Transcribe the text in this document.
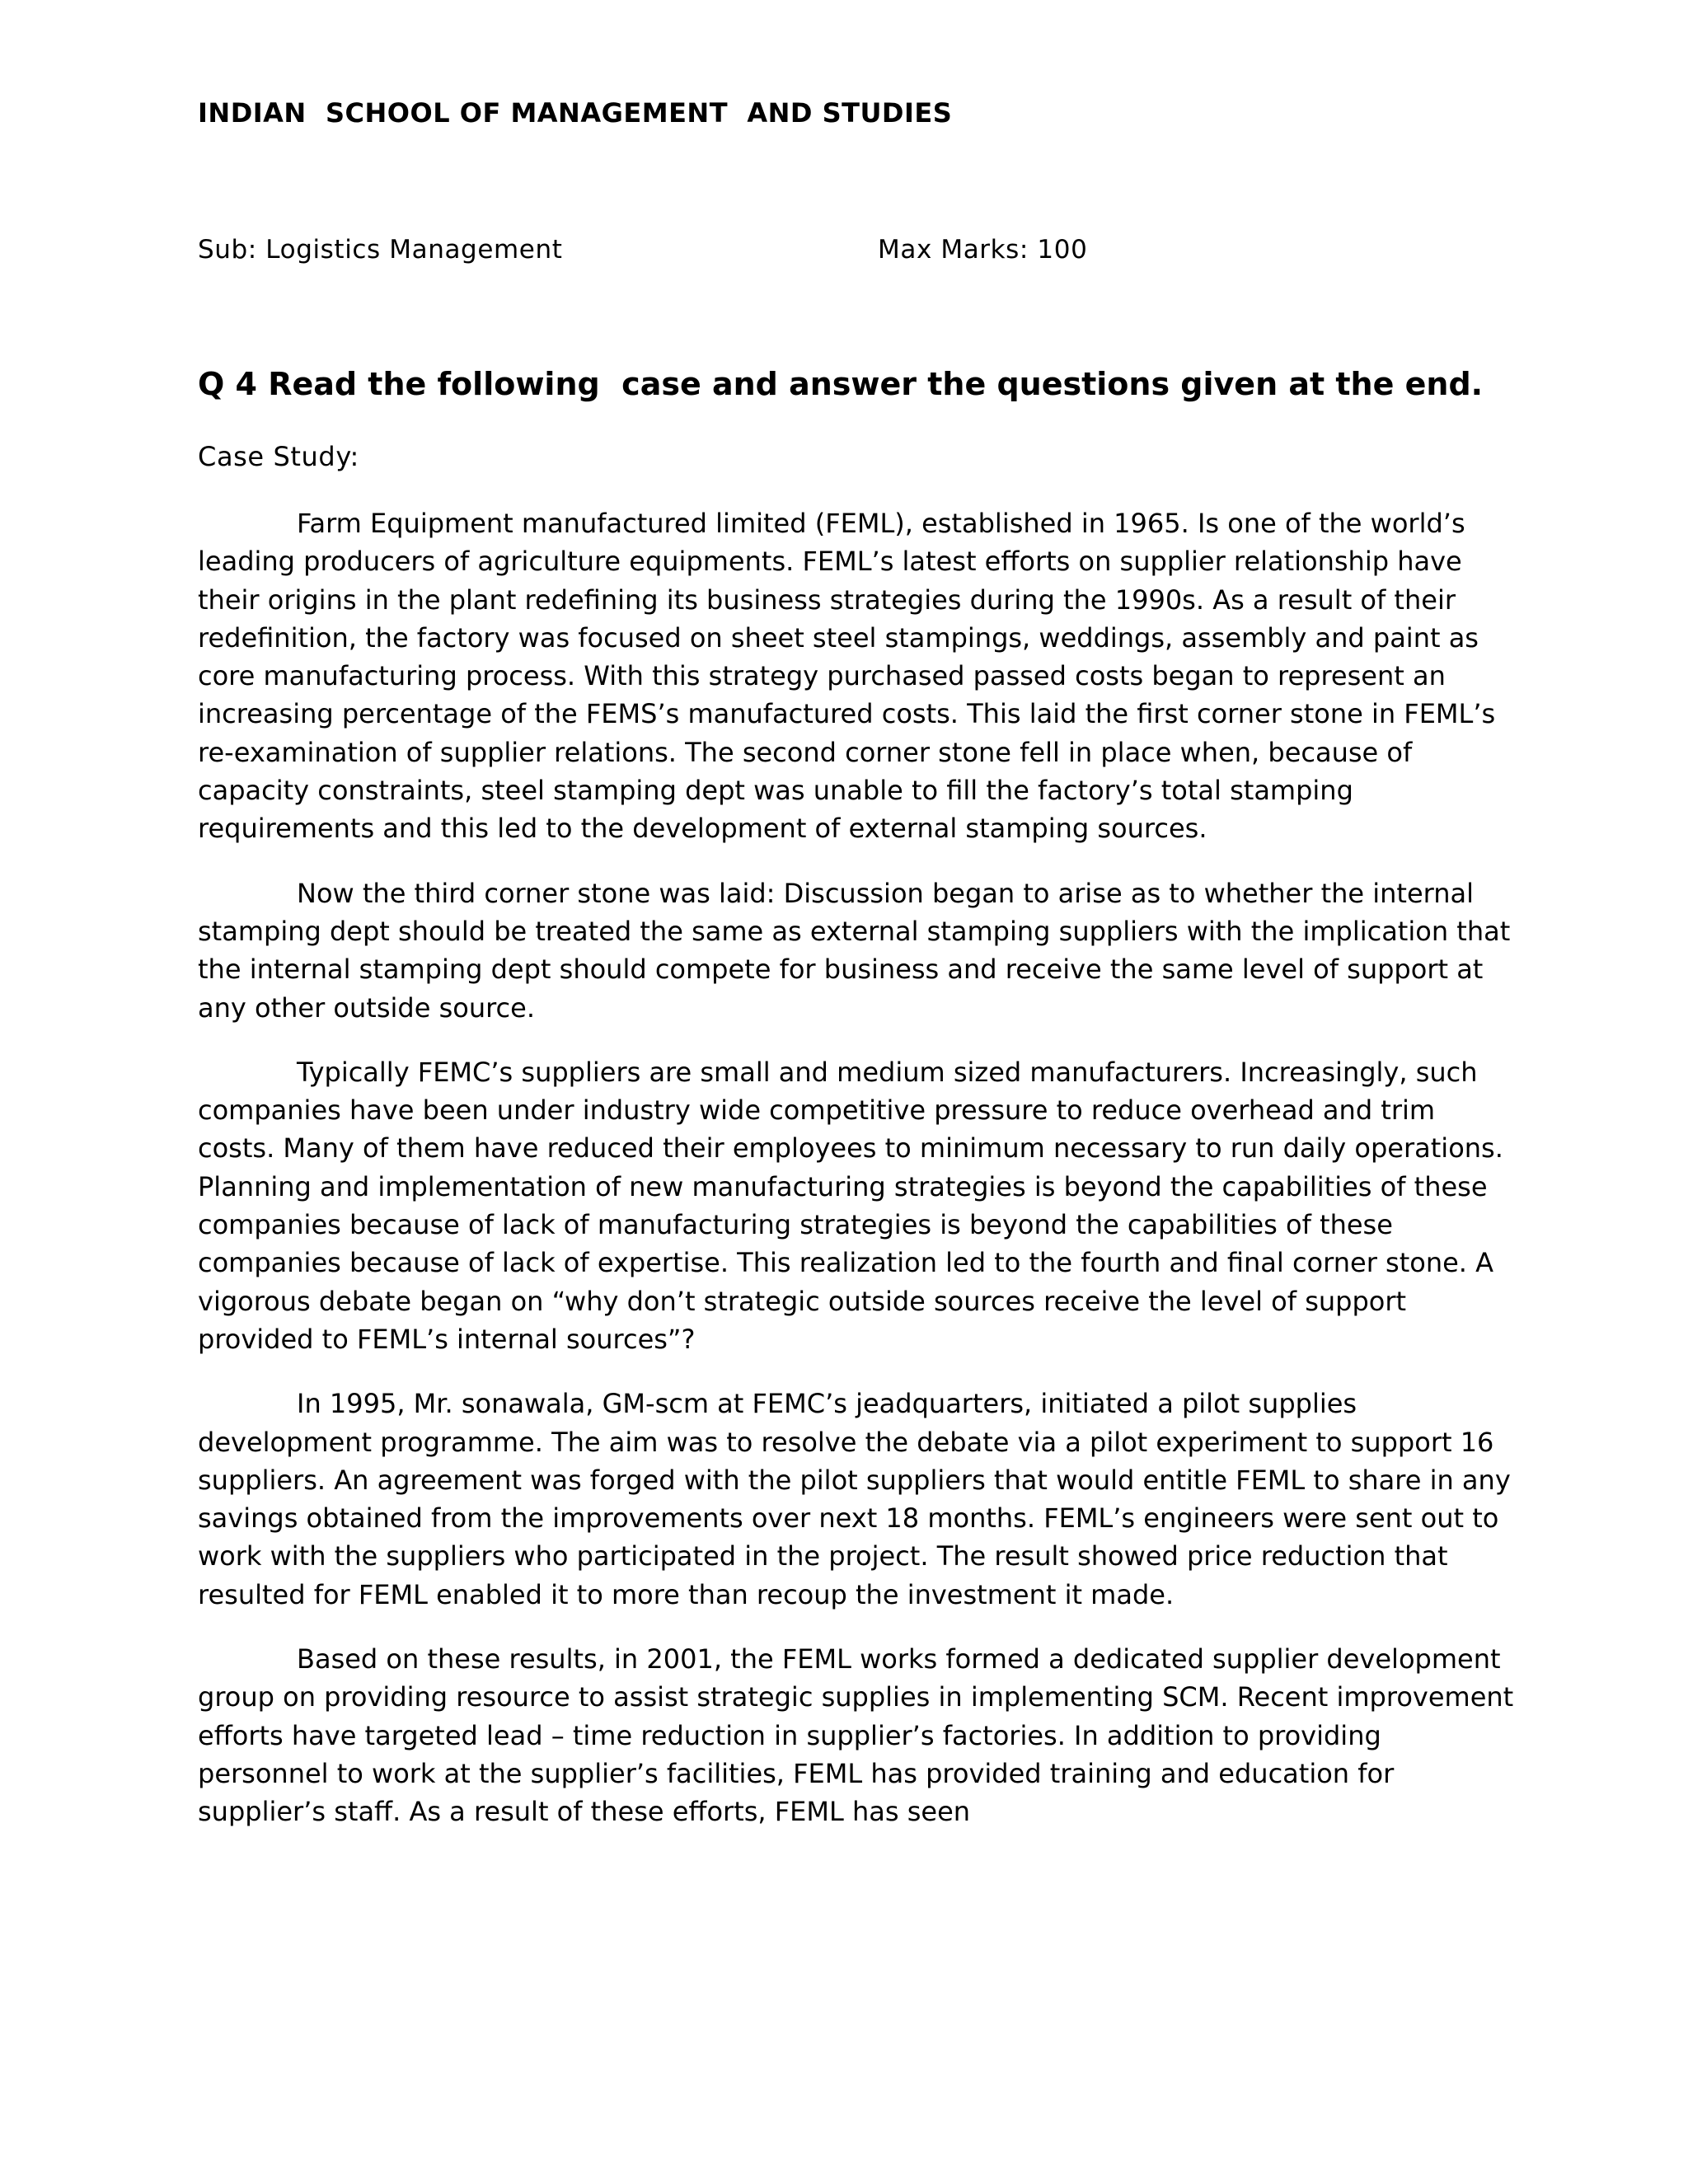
INDIAN  SCHOOL OF MANAGEMENT  AND STUDIES
Sub: Logistics Management	Max Marks: 100
Q 4 Read the following  case and answer the questions given at the end.
Case Study:

Farm Equipment manufactured limited (FEML), established in 1965. Is one of the world’s leading producers of agriculture equipments. FEML’s latest efforts on supplier relationship have their origins in the plant redefining its business strategies during the 1990s. As a result of their redefinition, the factory was focused on sheet steel stampings, weddings, assembly and paint as core manufacturing process. With this strategy purchased passed costs began to represent an increasing percentage of the FEMS’s manufactured costs. This laid the first corner stone in FEML’s re-examination of supplier relations. The second corner stone fell in place when, because of capacity constraints, steel stamping dept was unable to fill the factory’s total stamping requirements and this led to the development of external stamping sources.

Now the third corner stone was laid: Discussion began to arise as to whether the internal stamping dept should be treated the same as external stamping suppliers with the implication that the internal stamping dept should compete for business and receive the same level of support at any other outside source.

Typically FEMC’s suppliers are small and medium sized manufacturers. Increasingly, such companies have been under industry wide competitive pressure to reduce overhead and trim costs. Many of them have reduced their employees to minimum necessary to run daily operations. Planning and implementation of new manufacturing strategies is beyond the capabilities of these companies because of lack of manufacturing strategies is beyond the capabilities of these companies because of lack of expertise. This realization led to the fourth and final corner stone. A vigorous debate began on “why don’t strategic outside sources receive the level of support provided to FEML’s internal sources”?

In 1995, Mr. sonawala, GM-scm at FEMC’s jeadquarters, initiated a pilot supplies development programme. The aim was to resolve the debate via a pilot experiment to support 16 suppliers. An agreement was forged with the pilot suppliers that would entitle FEML to share in any savings obtained from the improvements over next 18 months. FEML’s engineers were sent out to work with the suppliers who participated in the project. The result showed price reduction that resulted for FEML enabled it to more than recoup the investment it made.

Based on these results, in 2001, the FEML works formed a dedicated supplier development group on providing resource to assist strategic supplies in implementing SCM. Recent improvement efforts have targeted lead – time reduction in supplier’s factories. In addition to providing personnel to work at the supplier’s facilities, FEML has provided training and education for supplier’s staff. As a result of these efforts, FEML has seen
